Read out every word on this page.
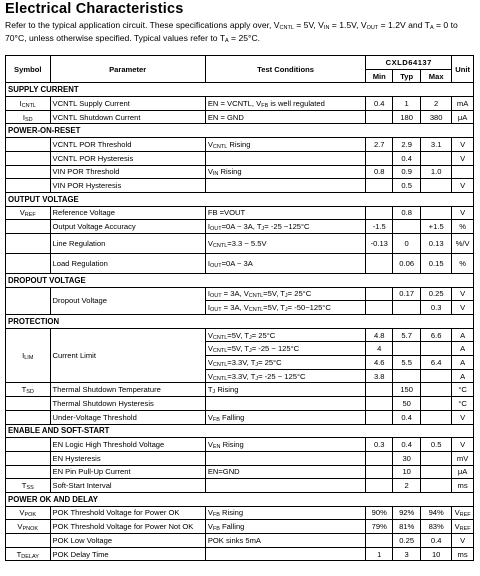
Electrical Characteristics
Refer to the typical application circuit. These specifications apply over, $V_{CNTL} = 5V$, $V_{IN} = 1.5V$, $V_{OUT} = 1.2V$ and $T_A = 0$ to 70°C, unless otherwise specified. Typical values refer to $T_A = 25^\circ C$.
Symbol	Parameter	Test Conditions	CXLD64137			Unit
			Min	Typ	Max	
SUPPLY CURRENT						
$I_{CNTL}$	VCNTL Supply Current	EN = VCNTL, $V_{FB}$ is well regulated	0.4	1	2	mA
$I_{SD}$	VCNTL Shutdown Current	EN = GND		180	380	μA
POWER-ON-RESET						
	VCNTL POR Threshold	$V_{CNTL}$ Rising	2.7	2.9	3.1	V
	VCNTL POR Hysteresis			0.4		V
	VIN POR Threshold	$V_{IN}$ Rising	0.8	0.9	1.0	
	VIN POR Hysteresis			0.5		V
OUTPUT VOLTAGE						
$V_{REF}$	Reference Voltage	FB =VOUT		0.8		V
	Output Voltage Accuracy	$I_{OUT}=0A$ ~ 3A, $T_J= -25$ ~125°C	-1.5		+1.5	%
	Line Regulation	$V_{CNTL}=3.3$ ~ 5.5V	-0.13	0	0.13	%/V
	Load Regulation	$I_{OUT}=0A$ ~ 3A		0.06	0.15	%
DROPOUT VOLTAGE						
	Dropout Voltage	$I_{OUT} = 3A$, $V_{CNTL}=5V$, $T_J= 25^\circ C$		0.17	0.25	V
		$I_{OUT} = 3A$, $V_{CNTL}=5V$, $T_J=$ -50~125°C			0.3	V
PROTECTION						
$I_{LIM}$	Current Limit	$V_{CNTL}=5V$, $T_J= 25^\circ C$	4.8	5.7	6.6	A
		$V_{CNTL}=5V$, $T_J= -25$ ~ 125°C	4			A
		$V_{CNTL}=3.3V$, $T_J= 25^\circ C$	4.6	5.5	6.4	A
		$V_{CNTL}=3.3V$, $T_J= -25$ ~ 125°C	3.8			A
$T_{SD}$	Thermal Shutdown Temperature	$T_J$ Rising		150		°C
	Thermal Shutdown Hysteresis			50		°C
	Under-Voltage Threshold	$V_{FB}$ Falling		0.4		V
ENABLE AND SOFT-START						
	EN Logic High Threshold Voltage	$V_{EN}$ Rising	0.3	0.4	0.5	V
	EN Hysteresis			30		mV
	EN Pin Pull-Up Current	EN=GND		10		μA
$T_{SS}$	Soft-Start Interval			2		ms
POWER OK AND DELAY						
$V_{POK}$	POK Threshold Voltage for Power OK	$V_{FB}$ Rising	90%	92%	94%	$V_{REF}$
$V_{PNOK}$	POK Threshold Voltage for Power Not OK	$V_{FB}$ Falling	79%	81%	83%	$V_{REF}$
	POK Low Voltage	POK sinks 5mA		0.25	0.4	V
$T_{DELAY}$	POK Delay Time		1	3	10	ms
